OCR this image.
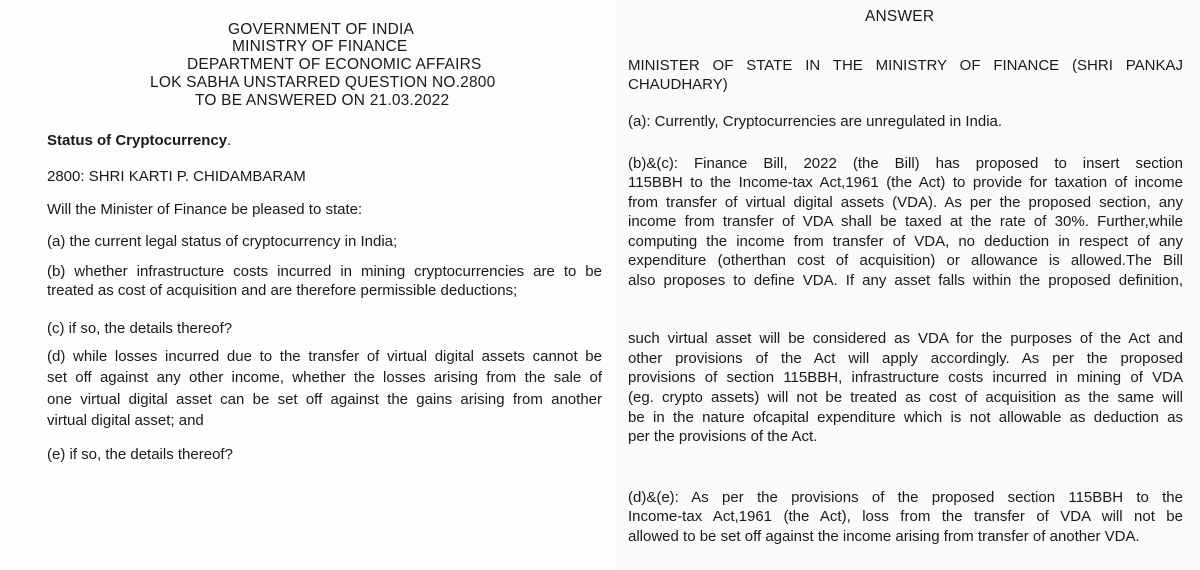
GOVERNMENT OF INDIA
MINISTRY OF FINANCE
DEPARTMENT OF ECONOMIC AFFAIRS
LOK SABHA UNSTARRED QUESTION NO.2800
TO BE ANSWERED ON 21.03.2022
Status of Cryptocurrency.
2800: SHRI KARTI P. CHIDAMBARAM
Will the Minister of Finance be pleased to state:
(a) the current legal status of cryptocurrency in India;
(b) whether infrastructure costs incurred in mining cryptocurrencies are to be
treated as cost of acquisition and are therefore permissible deductions;
(c) if so, the details thereof?
(d) while losses incurred due to the transfer of virtual digital assets cannot be
set off against any other income, whether the losses arising from the sale of
one virtual digital asset can be set off against the gains arising from another
virtual digital asset; and
(e) if so, the details thereof?
ANSWER
MINISTER OF STATE IN THE MINISTRY OF FINANCE (SHRI PANKAJ
CHAUDHARY)
(a): Currently, Cryptocurrencies are unregulated in India.
(b)&(c): Finance Bill, 2022 (the Bill) has proposed to insert section
115BBH to the Income-tax Act,1961 (the Act) to provide for taxation of income
from transfer of virtual digital assets (VDA). As per the proposed section, any
income from transfer of VDA shall be taxed at the rate of 30%. Further,while
computing the income from transfer of VDA, no deduction in respect of any
expenditure (otherthan cost of acquisition) or allowance is allowed.The Bill
also proposes to define VDA. If any asset falls within the proposed definition,
such virtual asset will be considered as VDA for the purposes of the Act and
other provisions of the Act will apply accordingly. As per the proposed
provisions of section 115BBH, infrastructure costs incurred in mining of VDA
(eg. crypto assets) will not be treated as cost of acquisition as the same will
be in the nature ofcapital expenditure which is not allowable as deduction as
per the provisions of the Act.
(d)&(e): As per the provisions of the proposed section 115BBH to the
Income-tax Act,1961 (the Act), loss from the transfer of VDA will not be
allowed to be set off against the income arising from transfer of another VDA.
